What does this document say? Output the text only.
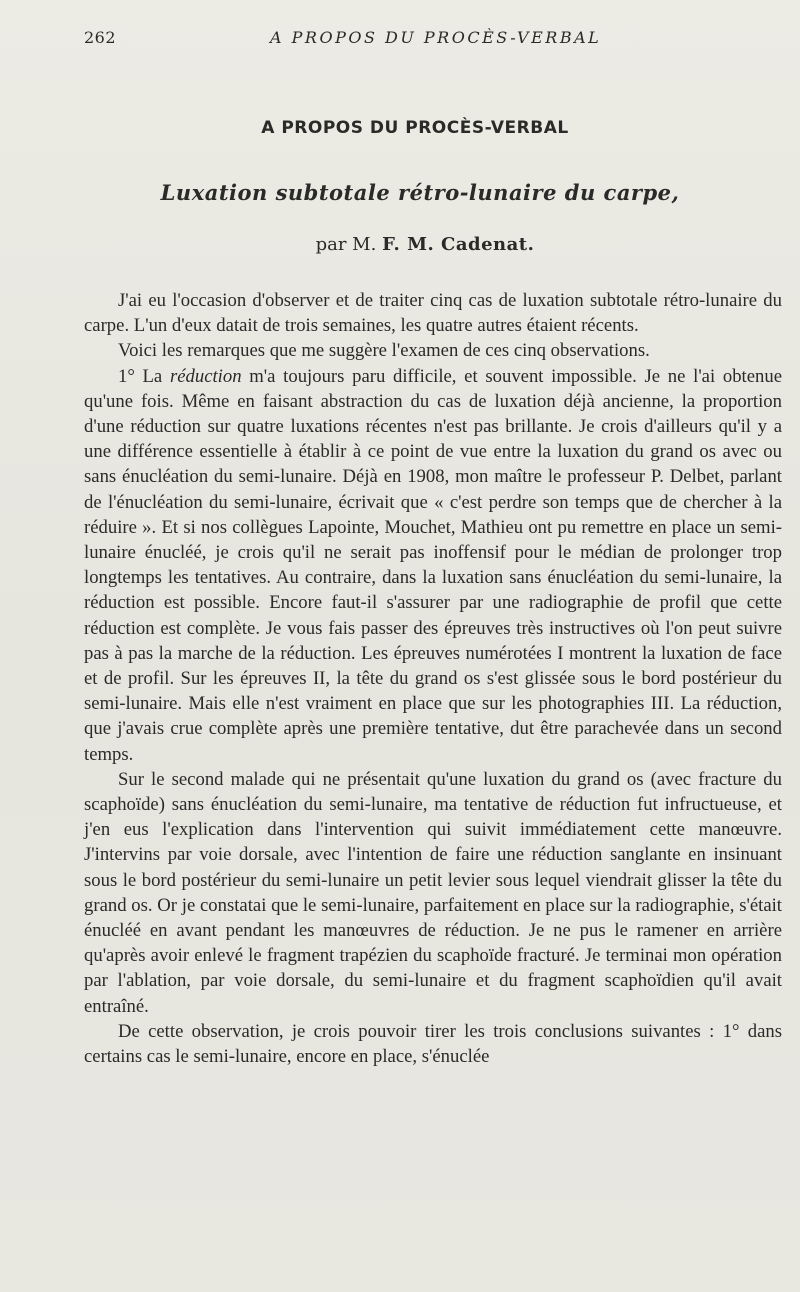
262	A PROPOS DU PROCÈS-VERBAL
A PROPOS DU PROCÈS-VERBAL
Luxation subtotale rétro-lunaire du carpe,
par M. F. M. Cadenat.

J'ai eu l'occasion d'observer et de traiter cinq cas de luxation subtotale rétro-lunaire du carpe. L'un d'eux datait de trois semaines, les quatre autres étaient récents.

Voici les remarques que me suggère l'examen de ces cinq observations.

1° La réduction m'a toujours paru difficile, et souvent impossible. Je ne l'ai obtenue qu'une fois. Même en faisant abstraction du cas de luxation déjà ancienne, la proportion d'une réduction sur quatre luxations récentes n'est pas brillante. Je crois d'ailleurs qu'il y a une différence essentielle à établir à ce point de vue entre la luxation du grand os avec ou sans énucléation du semi-lunaire. Déjà en 1908, mon maître le professeur P. Delbet, parlant de l'énucléation du semi-lunaire, écrivait que « c'est perdre son temps que de chercher à la réduire ». Et si nos collègues Lapointe, Mouchet, Mathieu ont pu remettre en place un semi-lunaire énucléé, je crois qu'il ne serait pas inoffensif pour le médian de prolonger trop longtemps les tentatives. Au contraire, dans la luxation sans énucléation du semi-lunaire, la réduction est possible. Encore faut-il s'assurer par une radiographie de profil que cette réduction est complète. Je vous fais passer des épreuves très instructives où l'on peut suivre pas à pas la marche de la réduction. Les épreuves numérotées I montrent la luxation de face et de profil. Sur les épreuves II, la tête du grand os s'est glissée sous le bord postérieur du semi-lunaire. Mais elle n'est vraiment en place que sur les photographies III. La réduction, que j'avais crue complète après une première tentative, dut être parachevée dans un second temps.

Sur le second malade qui ne présentait qu'une luxation du grand os (avec fracture du scaphoïde) sans énucléation du semi-lunaire, ma tentative de réduction fut infructueuse, et j'en eus l'explication dans l'intervention qui suivit immédiatement cette manœuvre. J'intervins par voie dorsale, avec l'intention de faire une réduction sanglante en insinuant sous le bord postérieur du semi-lunaire un petit levier sous lequel viendrait glisser la tête du grand os. Or je constatai que le semi-lunaire, parfaitement en place sur la radiographie, s'était énucléé en avant pendant les manœuvres de réduction. Je ne pus le ramener en arrière qu'après avoir enlevé le fragment trapézien du scaphoïde fracturé. Je terminai mon opération par l'ablation, par voie dorsale, du semi-lunaire et du fragment scaphoïdien qu'il avait entraîné.

De cette observation, je crois pouvoir tirer les trois conclusions suivantes : 1° dans certains cas le semi-lunaire, encore en place, s'énuclée
